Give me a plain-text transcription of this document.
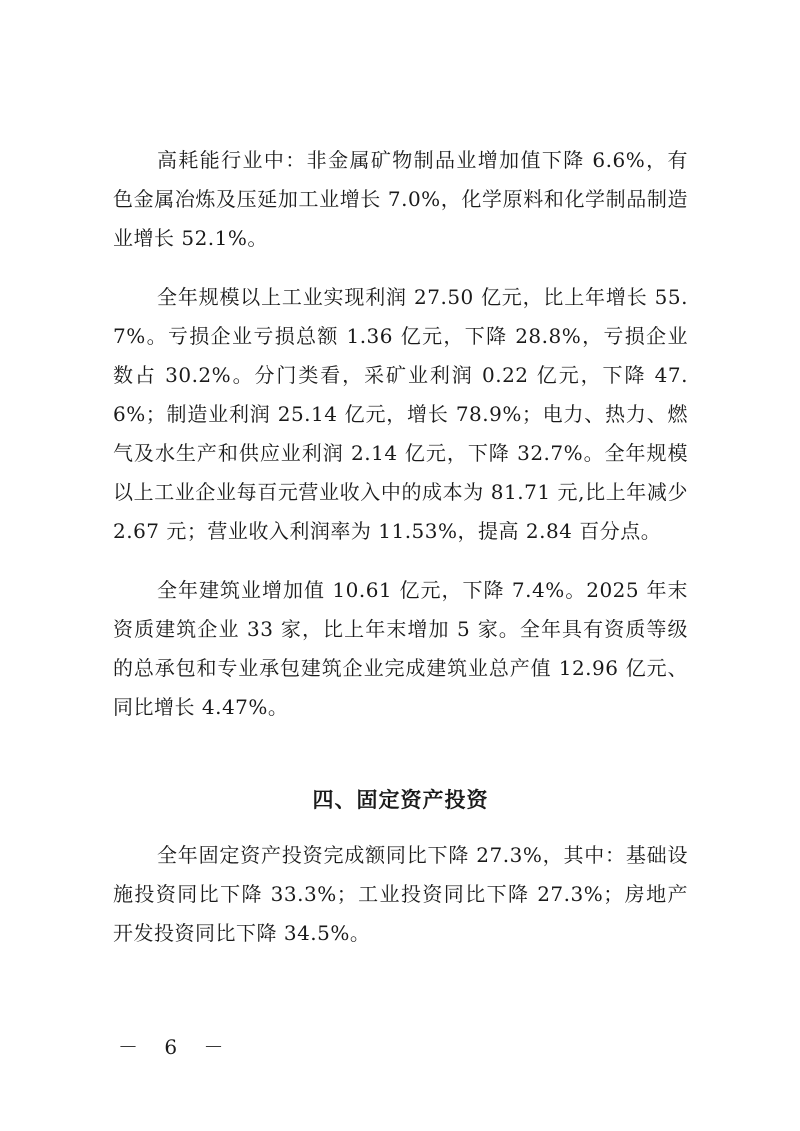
高耗能行业中：非金属矿物制品业增加值下降 6.6%，有色金属冶炼及压延加工业增长 7.0%，化学原料和化学制品制造业增长 52.1%。

全年规模以上工业实现利润 27.50 亿元，比上年增长 55.7%。亏损企业亏损总额 1.36 亿元，下降 28.8%，亏损企业数占 30.2%。分门类看，采矿业利润 0.22 亿元，下降 47.6%；制造业利润 25.14 亿元，增长 78.9%；电力、热力、燃气及水生产和供应业利润 2.14 亿元，下降 32.7%。全年规模以上工业企业每百元营业收入中的成本为 81.71 元,比上年减少 2.67 元；营业收入利润率为 11.53%，提高 2.84 百分点。

全年建筑业增加值 10.61 亿元，下降 7.4%。2025 年末资质建筑企业 33 家，比上年末增加 5 家。全年具有资质等级的总承包和专业承包建筑企业完成建筑业总产值 12.96 亿元、同比增长 4.47%。

四、固定资产投资

全年固定资产投资完成额同比下降 27.3%，其中：基础设施投资同比下降 33.3%；工业投资同比下降 27.3%；房地产开发投资同比下降 34.5%。

－ 6 －
